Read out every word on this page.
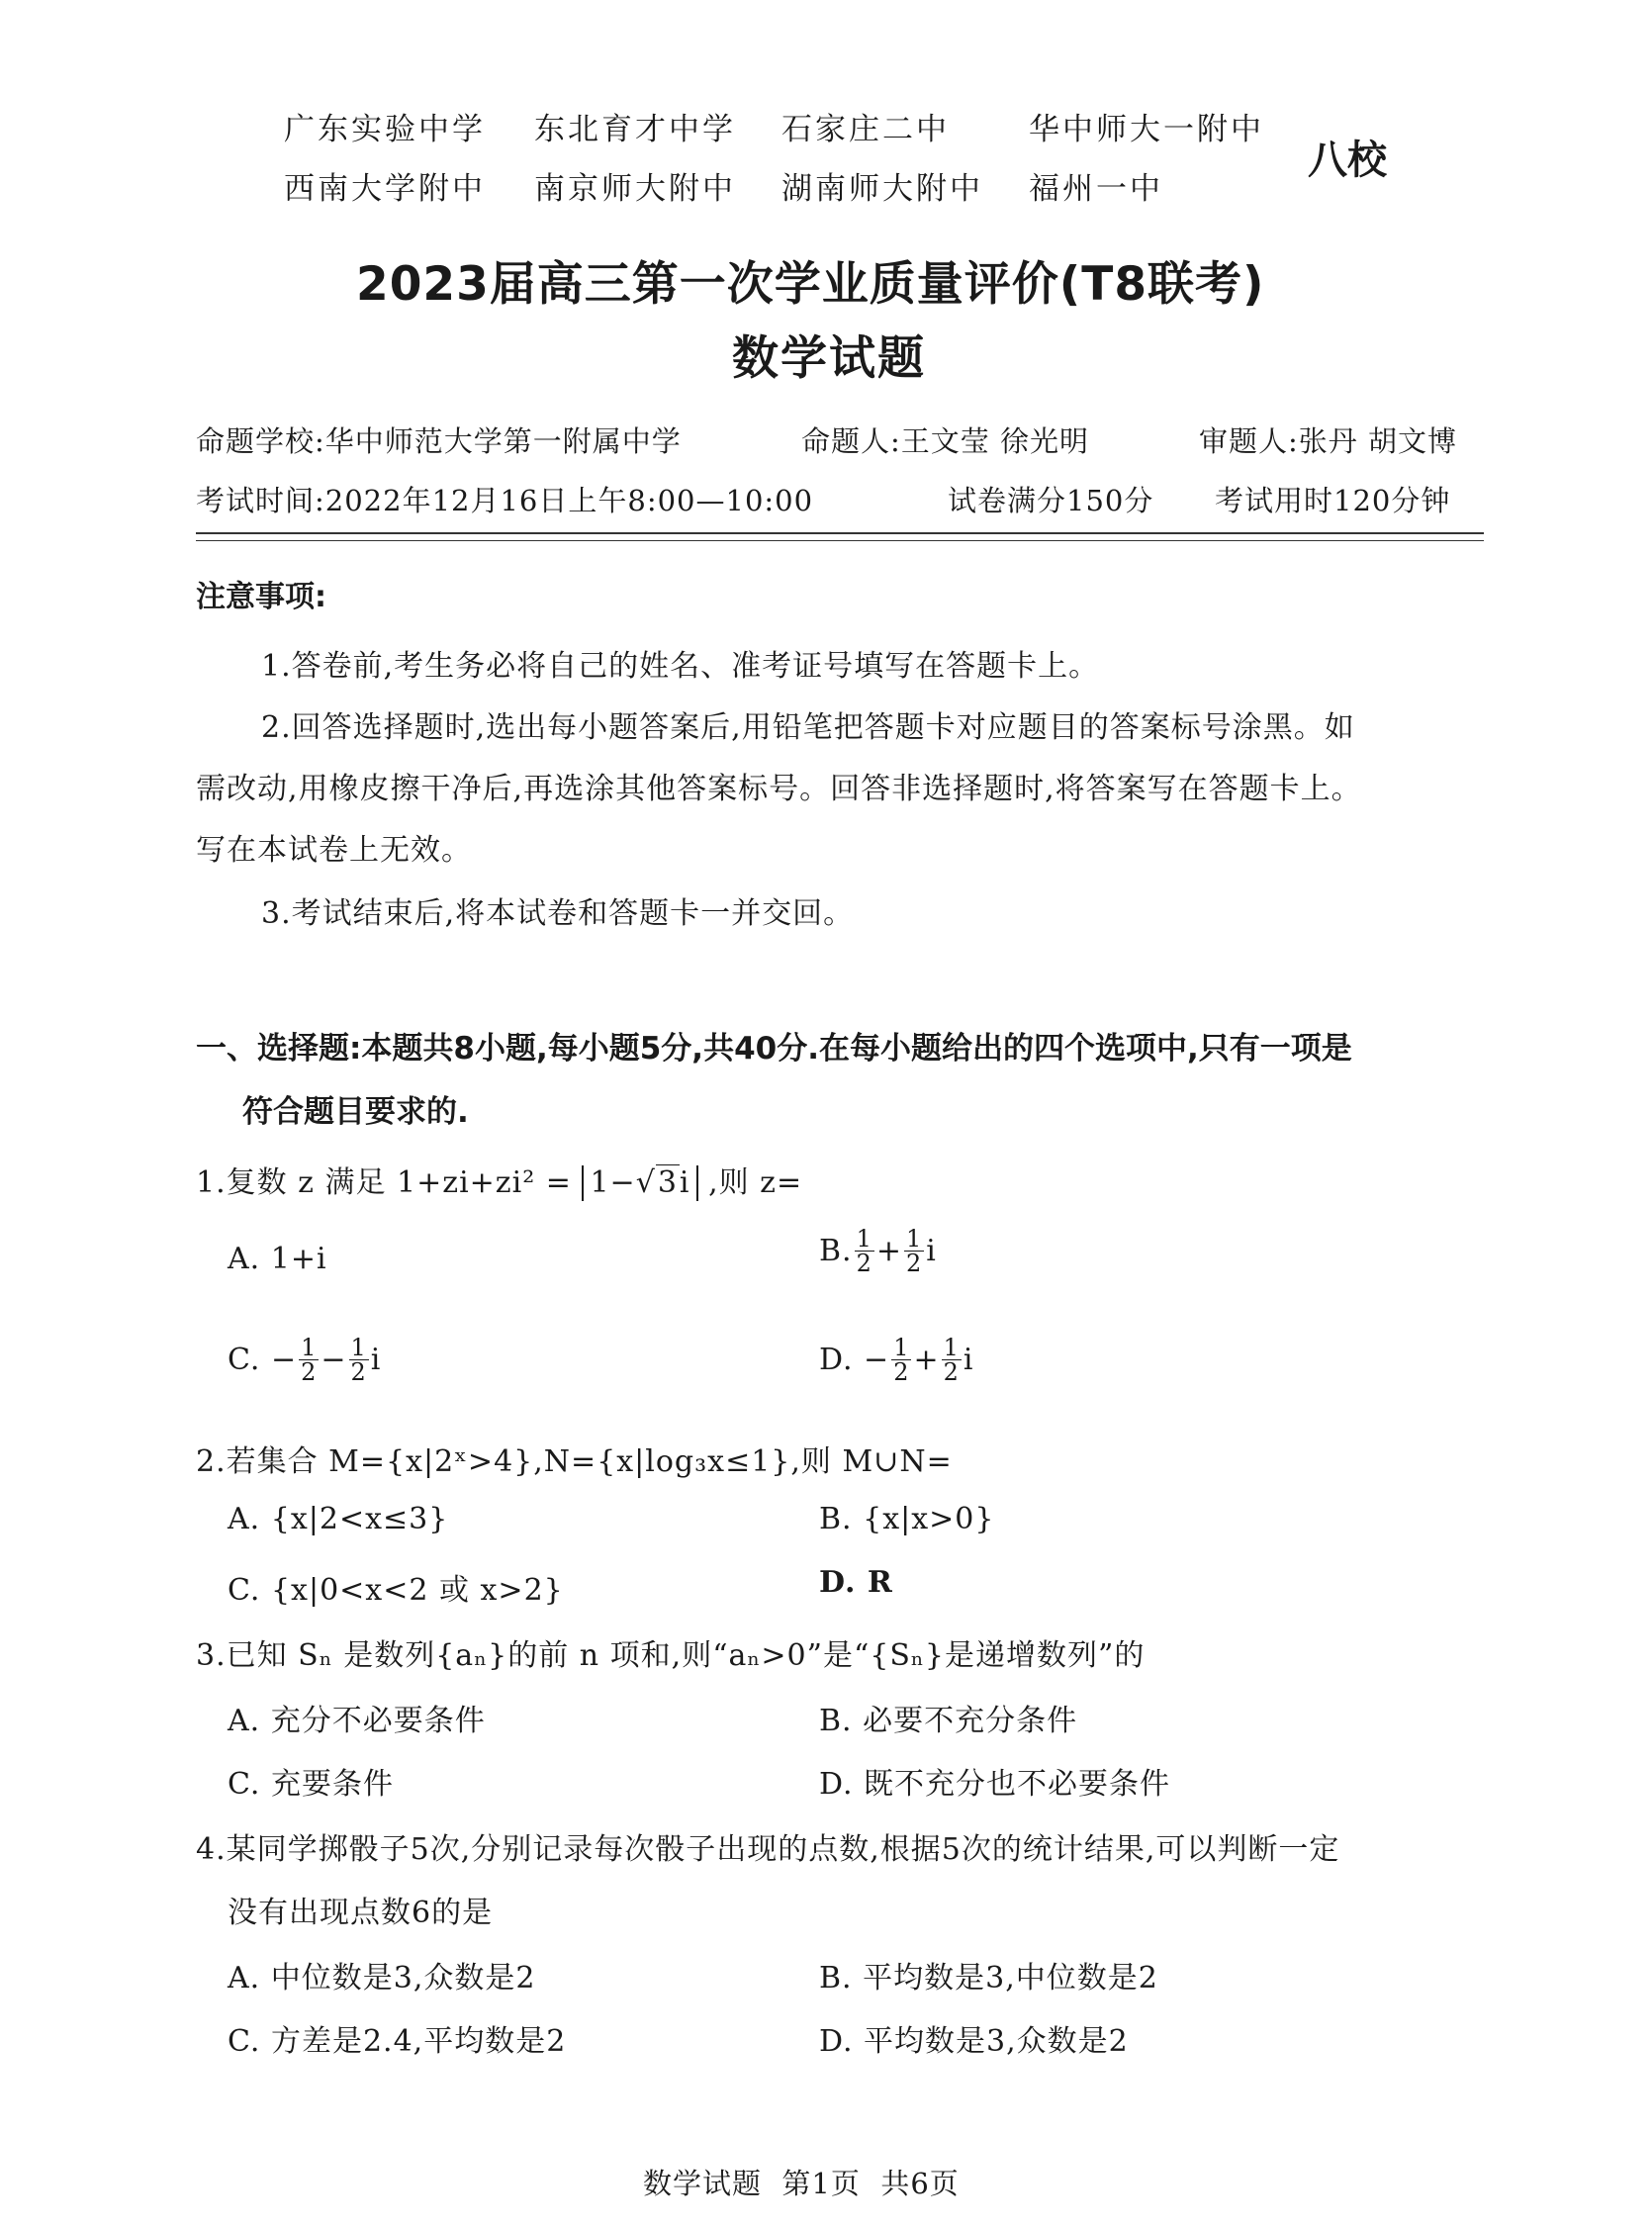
广东实验中学 东北育才中学 石家庄二中	华中师大一附中
西南大学附中 南京师大附中 湖南师大附中 福州一中
八校
2023届高三第一次学业质量评价(T8联考)
数学试题
命题学校:华中师范大学第一附属中学	命题人:王文莹 徐光明	审题人:张丹 胡文博
考试时间:2022年12月16日上午8:00—10:00	试卷满分150分 考试用时120分钟
注意事项:
1.答卷前,考生务必将自己的姓名、准考证号填写在答题卡上。
2.回答选择题时,选出每小题答案后,用铅笔把答题卡对应题目的答案标号涂黑。如
需改动,用橡皮擦干净后,再选涂其他答案标号。回答非选择题时,将答案写在答题卡上。
写在本试卷上无效。
3.考试结束后,将本试卷和答题卡一并交回。
一、选择题:本题共8小题,每小题5分,共40分.在每小题给出的四个选项中,只有一项是
符合题目要求的.
1.复数 z 满足 1+zi+zi² = 1−√3i ,则 z=
A. 1+i	B. $\frac{1}{2} + \frac{1}{2}$ i
C. − $\frac{1}{2} - \frac{1}{2}$ i	D. − $\frac{1}{2} + \frac{1}{2}$ i
2.若集合 M={x|2ˣ>4},N={x|log₃x≤1},则 M∪N=
A. {x|2<x≤3}	B. {x|x>0}
C. {x|0<x<2 或 x>2}	D. R
3.已知 Sₙ 是数列{aₙ}的前 n 项和,则“aₙ>0”是“{Sₙ}是递增数列”的
A. 充分不必要条件	B. 必要不充分条件
C. 充要条件	D. 既不充分也不必要条件
4.某同学掷骰子5次,分别记录每次骰子出现的点数,根据5次的统计结果,可以判断一定
没有出现点数6的是
A. 中位数是3,众数是2	B. 平均数是3,中位数是2
C. 方差是2.4,平均数是2	D. 平均数是3,众数是2
数学试题  第1页  共6页
